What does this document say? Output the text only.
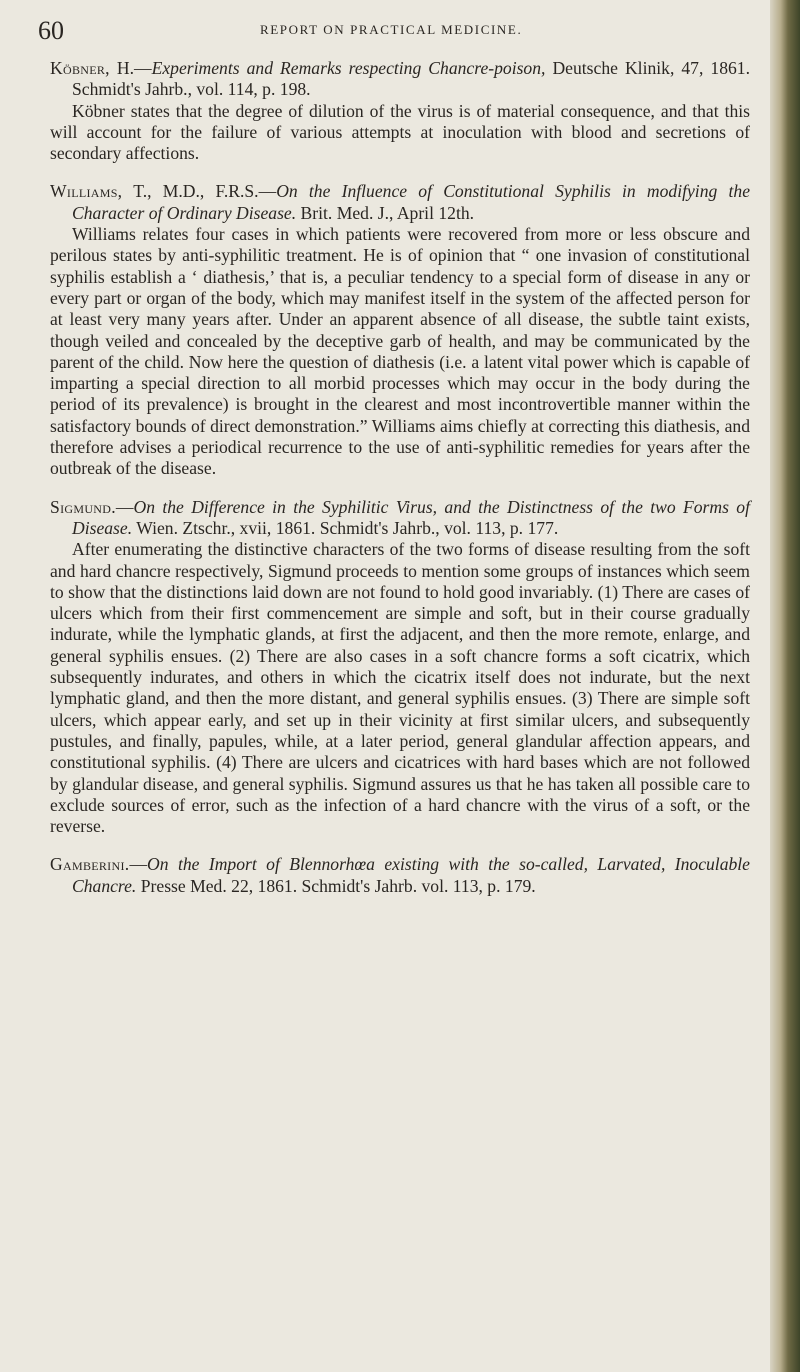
60	REPORT ON PRACTICAL MEDICINE.

Köbner, H.—Experiments and Remarks respecting Chancre-poison, Deutsche Klinik, 47, 1861. Schmidt's Jahrb., vol. 114, p. 198.

Köbner states that the degree of dilution of the virus is of material consequence, and that this will account for the failure of various attempts at inoculation with blood and secretions of secondary affections.

Williams, T., M.D., F.R.S.—On the Influence of Constitutional Syphilis in modifying the Character of Ordinary Disease. Brit. Med. J., April 12th.

Williams relates four cases in which patients were recovered from more or less obscure and perilous states by anti-syphilitic treatment. He is of opinion that “ one invasion of constitutional syphilis establish a ‘ diathesis,’ that is, a peculiar tendency to a special form of disease in any or every part or organ of the body, which may manifest itself in the system of the affected person for at least very many years after. Under an apparent absence of all disease, the subtle taint exists, though veiled and concealed by the deceptive garb of health, and may be communicated by the parent of the child. Now here the question of diathesis (i.e. a latent vital power which is capable of imparting a special direction to all morbid processes which may occur in the body during the period of its prevalence) is brought in the clearest and most incontrovertible manner within the satisfactory bounds of direct demonstration.” Williams aims chiefly at correcting this diathesis, and therefore advises a periodical recurrence to the use of anti-syphilitic remedies for years after the outbreak of the disease.

Sigmund.—On the Difference in the Syphilitic Virus, and the Distinctness of the two Forms of Disease. Wien. Ztschr., xvii, 1861. Schmidt's Jahrb., vol. 113, p. 177.

After enumerating the distinctive characters of the two forms of disease resulting from the soft and hard chancre respectively, Sigmund proceeds to mention some groups of instances which seem to show that the distinctions laid down are not found to hold good invariably. (1) There are cases of ulcers which from their first commencement are simple and soft, but in their course gradually indurate, while the lymphatic glands, at first the adjacent, and then the more remote, enlarge, and general syphilis ensues. (2) There are also cases in a soft chancre forms a soft cicatrix, which subsequently indurates, and others in which the cicatrix itself does not indurate, but the next lymphatic gland, and then the more distant, and general syphilis ensues. (3) There are simple soft ulcers, which appear early, and set up in their vicinity at first similar ulcers, and subsequently pustules, and finally, papules, while, at a later period, general glandular affection appears, and constitutional syphilis. (4) There are ulcers and cicatrices with hard bases which are not followed by glandular disease, and general syphilis. Sigmund assures us that he has taken all possible care to exclude sources of error, such as the infection of a hard chancre with the virus of a soft, or the reverse.

Gamberini.—On the Import of Blennorhœa existing with the so-called, Larvated, Inoculable Chancre. Presse Med. 22, 1861. Schmidt's Jahrb. vol. 113, p. 179.
